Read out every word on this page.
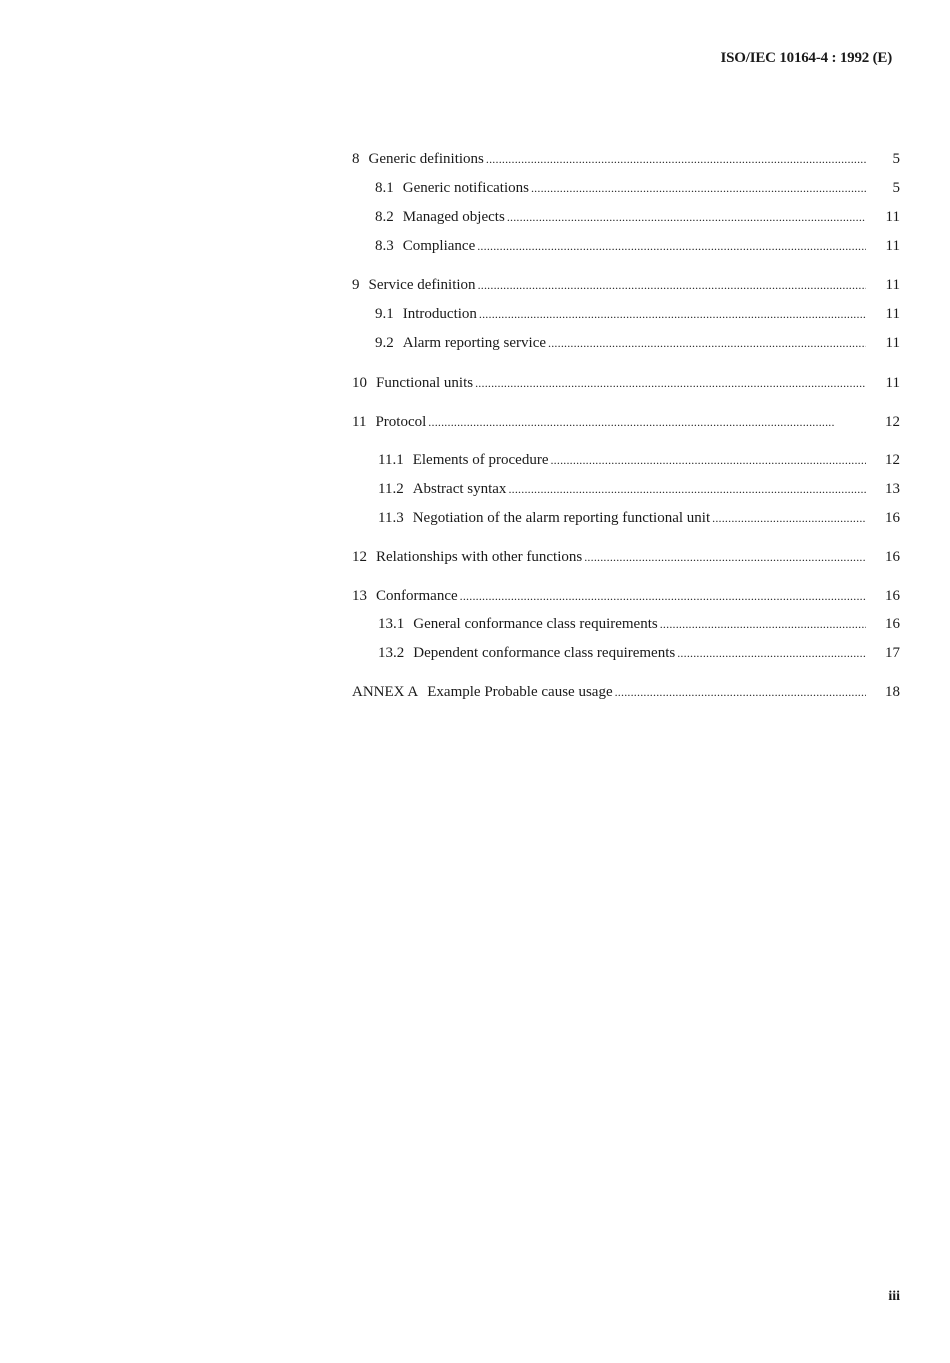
ISO/IEC 10164-4 : 1992 (E)
8 Generic definitions . . .	5
8.1 Generic notifications . . .	5
8.2 Managed objects . . .	11
8.3 Compliance . . .	11
9 Service definition . . .	11
9.1 Introduction . . .	11
9.2 Alarm reporting service . . .	11
10 Functional units . . .	11
11 Protocol . . .	12
11.1 Elements of procedure . . .	12
11.2 Abstract syntax . . .	13
11.3 Negotiation of the alarm reporting functional unit . . .	16
12 Relationships with other functions . . .	16
13 Conformance . . .	16
13.1 General conformance class requirements . . .	16
13.2 Dependent conformance class requirements . . .	17
ANNEX A Example Probable cause usage . . .	18
iii
